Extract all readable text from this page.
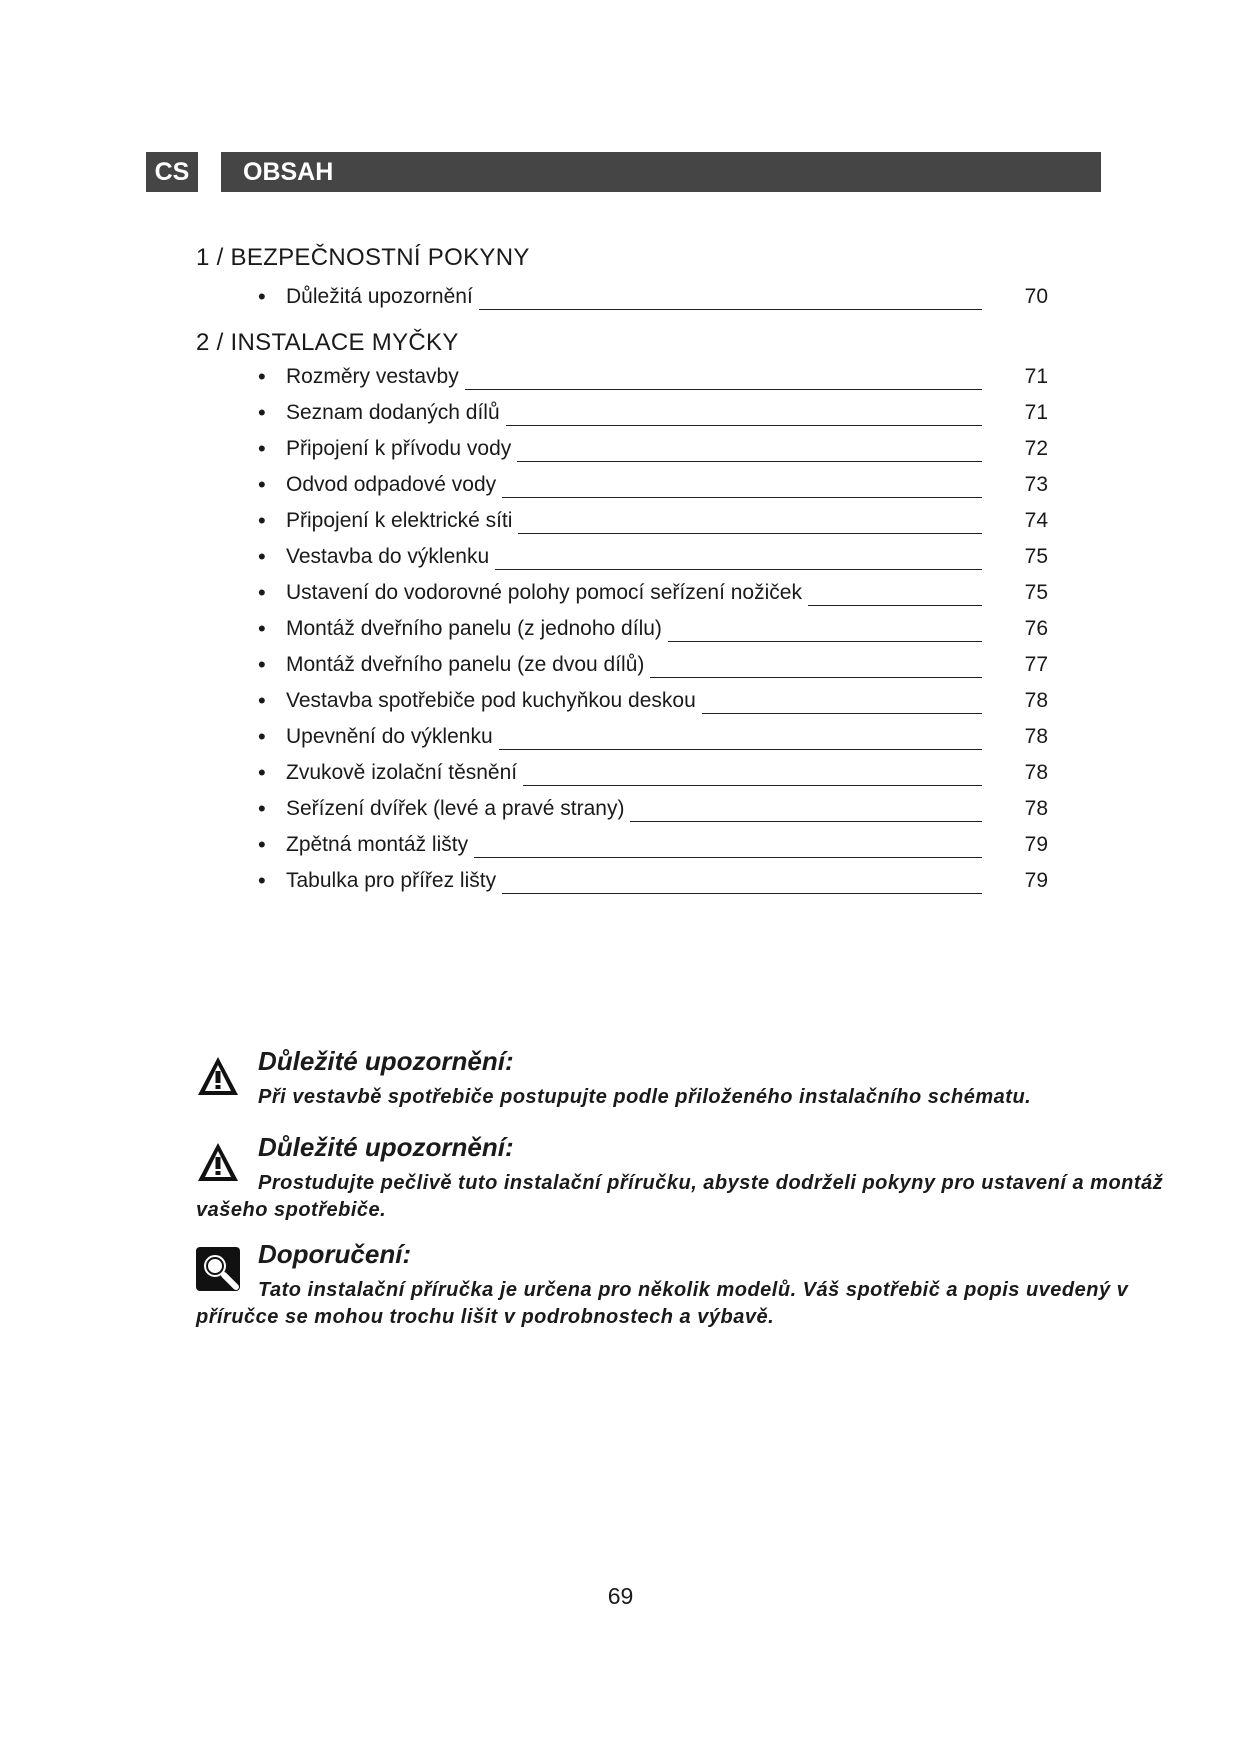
CS	OBSAH
1 / BEZPEČNOSTNÍ POKYNY
• Důležitá upozornění	70
2 / INSTALACE MYČKY
• Rozměry vestavby	71
• Seznam dodaných dílů	71
• Připojení k přívodu vody	72
• Odvod odpadové vody	73
• Připojení k elektrické síti	74
• Vestavba do výklenku	75
• Ustavení do vodorovné polohy pomocí seřízení nožiček	75
• Montáž dveřního panelu (z jednoho dílu)	76
• Montáž dveřního panelu (ze dvou dílů)	77
• Vestavba spotřebiče pod kuchyňkou deskou	78
• Upevnění do výklenku	78
• Zvukově izolační těsnění	78
• Seřízení dvířek (levé a pravé strany)	78
• Zpětná montáž lišty	79
• Tabulka pro přířez lišty	79
Důležité upozornění:
Při vestavbě spotřebiče postupujte podle přiloženého instalačního schématu.
Důležité upozornění:
Prostudujte pečlivě tuto instalační příručku, abyste dodrželi pokyny pro ustavení a montáž vašeho spotřebiče.
Doporučení:
Tato instalační příručka je určena pro několik modelů. Váš spotřebič a popis uvedený v příručce se mohou trochu lišit v podrobnostech a výbavě.
69
